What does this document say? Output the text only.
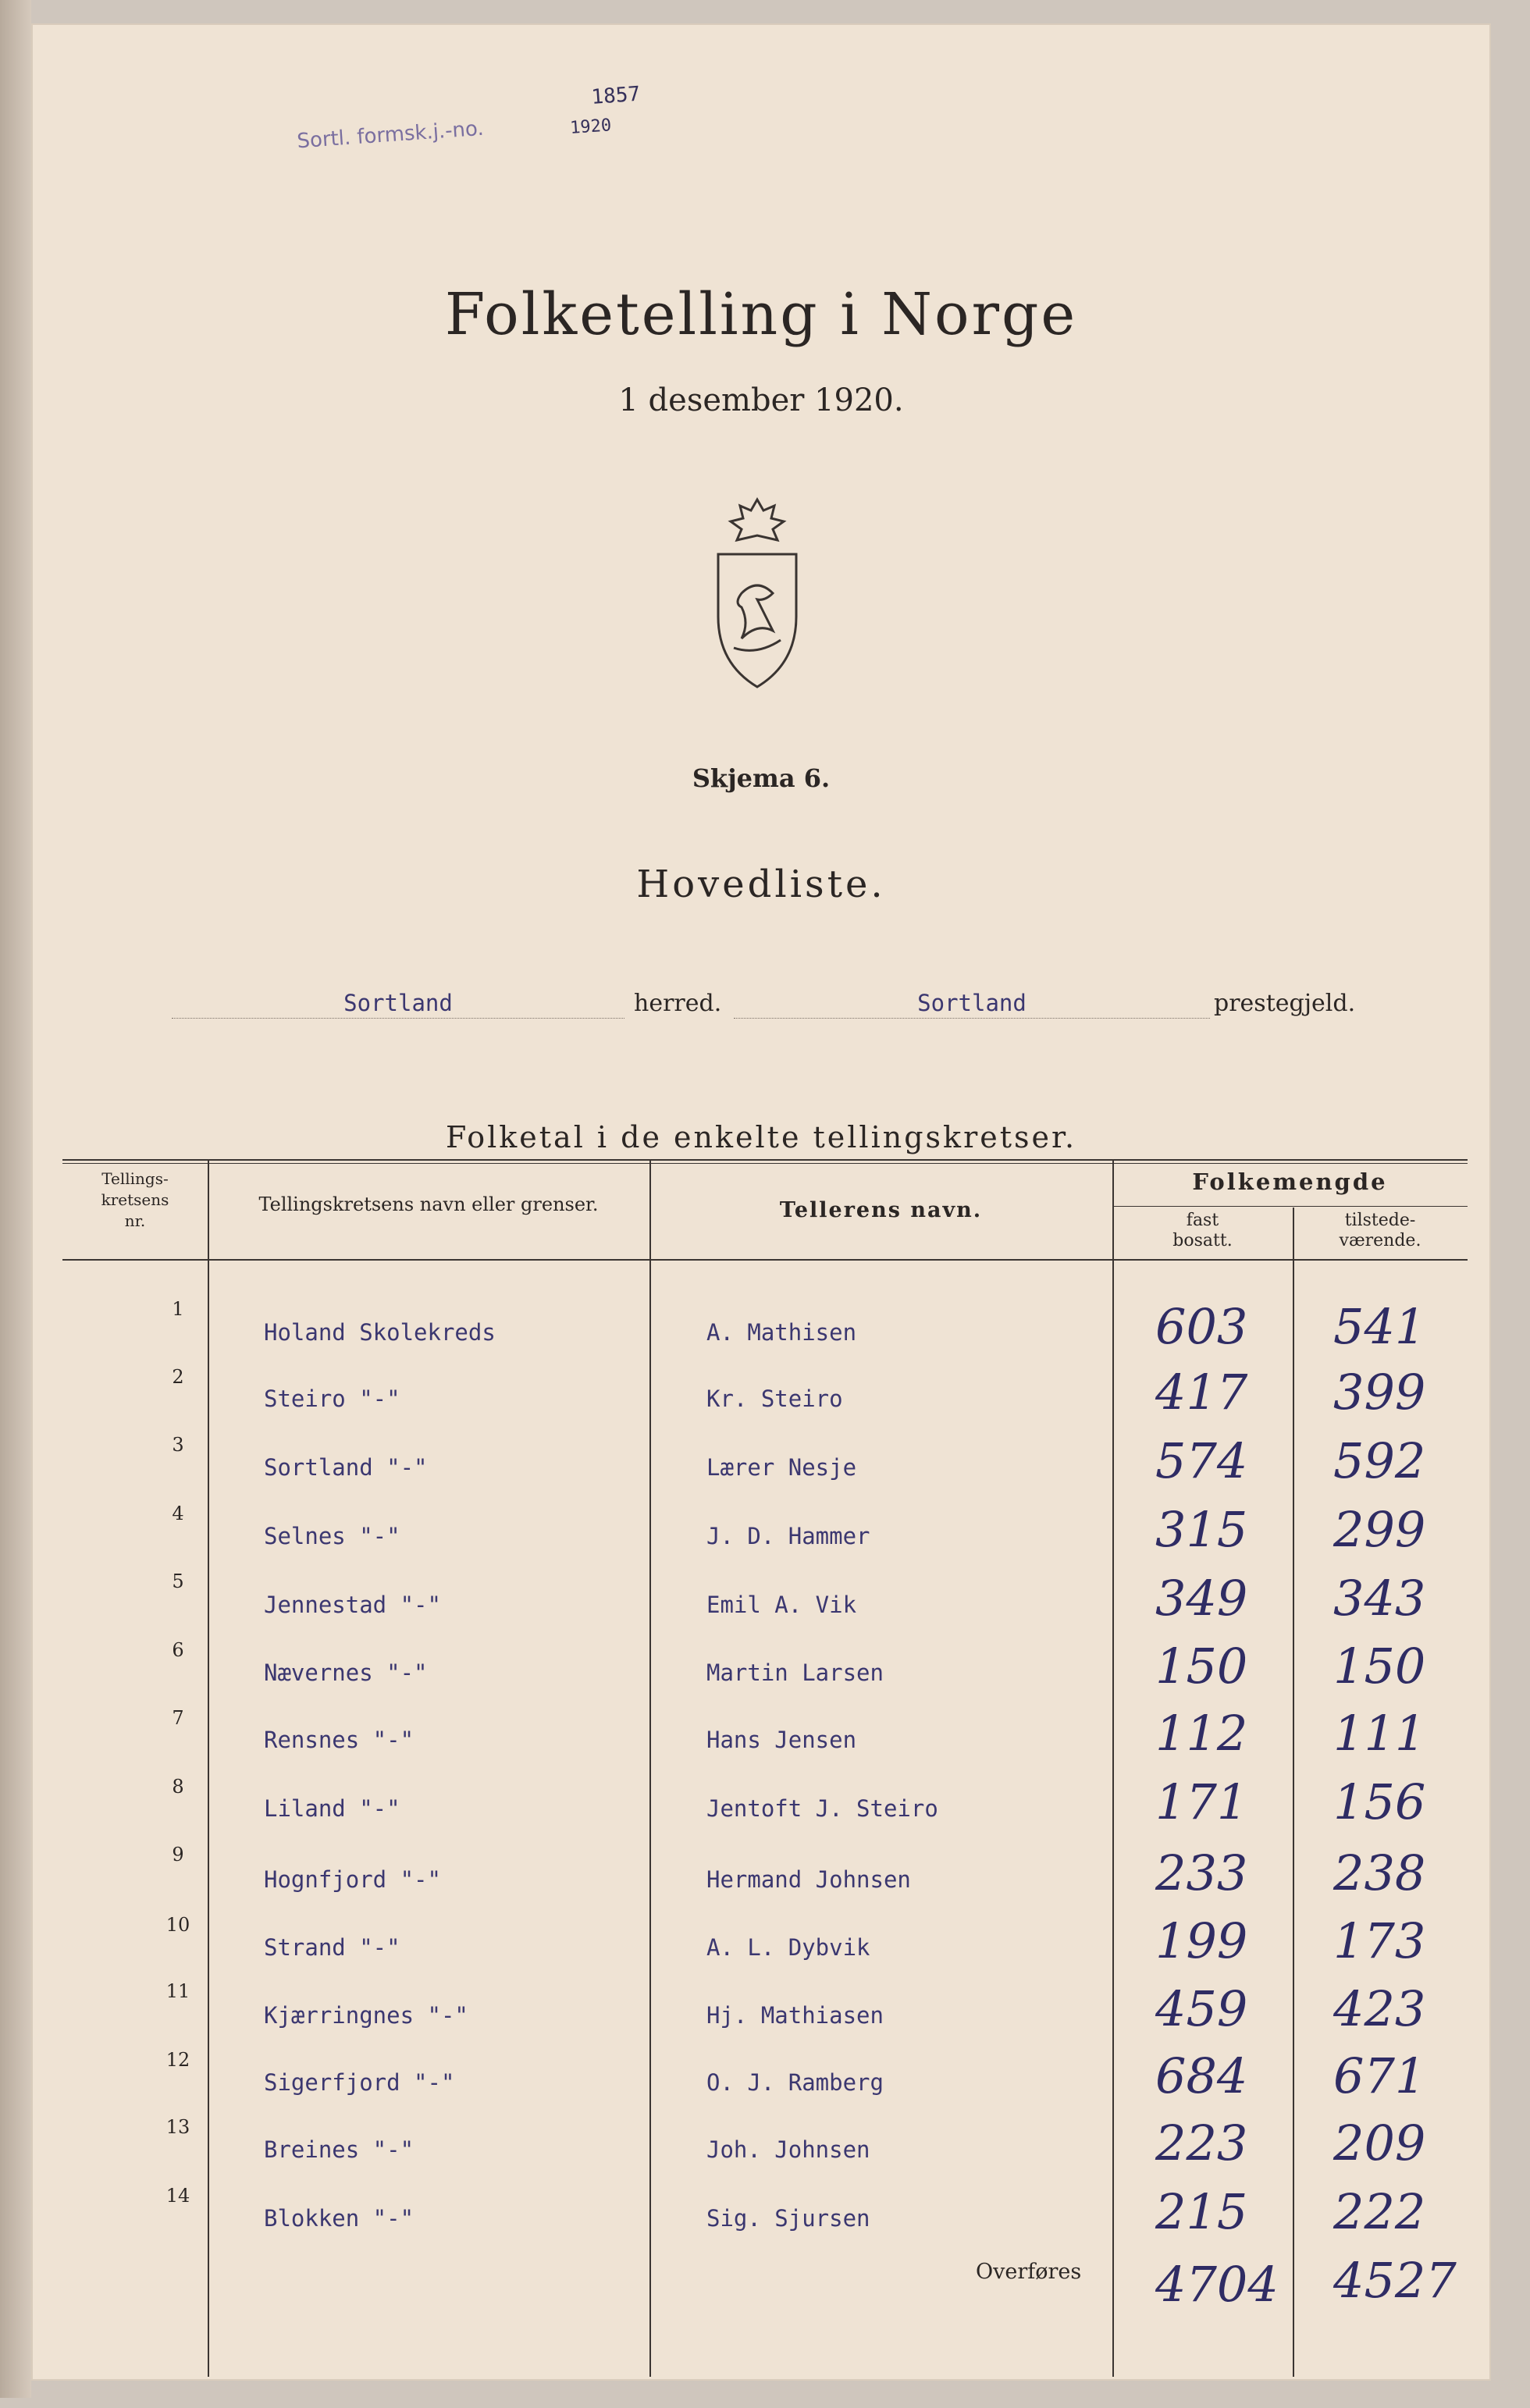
Sortl. formsk.j.-no.
1857
1920
Folketelling i Norge
1 desember 1920.
Skjema 6.
Hovedliste.
Sortland	herred.	Sortland	prestegjeld.
Folketal i de enkelte tellingskretser.
Tellings-
kretsens
nr.
Tellingskretsens navn eller grenser.	Tellerens navn.
Folkemengde
fast
bosatt.
tilstede-
værende.
1
Holand Skolekreds	A. Mathisen	603 541
2
Steiro "-"	Kr. Steiro	417 399
3
Sortland "-"	Lærer Nesje	574 592
4
Selnes "-"	J. D. Hammer	315 299
5
Jennestad "-"	Emil A. Vik	349 343
6
Nævernes "-"	Martin Larsen	150 150
7
Rensnes "-"	Hans Jensen	112 111
8
Liland "-"	Jentoft J. Steiro	171 156
9
Hognfjord "-"	Hermand Johnsen	233 238
10
Strand "-"	A. L. Dybvik	199 173
11
Kjærringnes "-"	Hj. Mathiasen	459 423
12
Sigerfjord "-"	O. J. Ramberg	684 671
13
Breines "-"	Joh. Johnsen	223 209
14
Blokken "-"	Sig. Sjursen	215 222
Overføres 4704 4527
